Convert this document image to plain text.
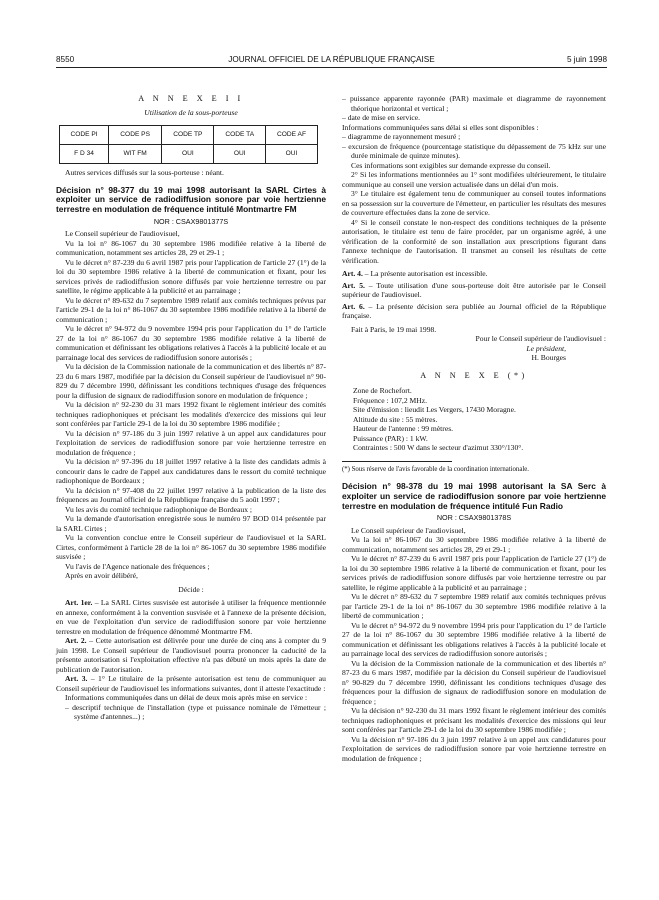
8550	JOURNAL OFFICIEL DE LA RÉPUBLIQUE FRANÇAISE	5 juin 1998
A N N E X E I I
Utilisation de la sous-porteuse
CODE PI	CODE PS	CODE TP	CODE TA	CODE AF
F D 34	WIT FM	OUI	OUI	OUI
Autres services diffusés sur la sous-porteuse : néant.
Décision n° 98-377 du 19 mai 1998 autorisant la SARL Cirtes à exploiter un service de radiodiffusion sonore par voie hertzienne terrestre en modulation de fréquence intitulé Montmartre FM
NOR : CSAX9801377S
Le Conseil supérieur de l'audiovisuel,
Vu la loi n° 86-1067 du 30 septembre 1986 modifiée relative à la liberté de communication, notamment ses articles 28, 29 et 29-1 ;
Vu le décret n° 87-239 du 6 avril 1987 pris pour l'application de l'article 27 (1°) de la loi du 30 septembre 1986 relative à la liberté de communication et fixant, pour les services privés de radiodiffusion sonore diffusés par voie hertzienne terrestre ou par satellite, le régime applicable à la publicité et au parrainage ;
Vu le décret n° 89-632 du 7 septembre 1989 relatif aux comités techniques prévus par l'article 29-1 de la loi n° 86-1067 du 30 septembre 1986 modifiée relative à la liberté de communication ;
Vu le décret n° 94-972 du 9 novembre 1994 pris pour l'application du 1° de l'article 27 de la loi n° 86-1067 du 30 septembre 1986 modifiée relative à la liberté de communication et définissant les obligations relatives à l'accès à la publicité locale et au parrainage local des services de radiodiffusion sonore autorisés ;
Vu la décision de la Commission nationale de la communication et des libertés n° 87-23 du 6 mars 1987, modifiée par la décision du Conseil supérieur de l'audiovisuel n° 90-829 du 7 décembre 1990, définissant les conditions techniques d'usage des fréquences pour la diffusion de signaux de radiodiffusion sonore en modulation de fréquence ;
Vu la décision n° 92-230 du 31 mars 1992 fixant le règlement intérieur des comités techniques radiophoniques et précisant les modalités d'exercice des missions qui leur sont conférées par l'article 29-1 de la loi du 30 septembre 1986 modifiée ;
Vu la décision n° 97-186 du 3 juin 1997 relative à un appel aux candidatures pour l'exploitation de services de radiodiffusion sonore par voie hertzienne terrestre en modulation de fréquence ;
Vu la décision n° 97-396 du 18 juillet 1997 relative à la liste des candidats admis à concourir dans le cadre de l'appel aux candidatures dans le ressort du comité technique radiophonique de Bordeaux ;
Vu la décision n° 97-408 du 22 juillet 1997 relative à la publication de la liste des fréquences au Journal officiel de la République française du 5 août 1997 ;
Vu les avis du comité technique radiophonique de Bordeaux ;
Vu la demande d'autorisation enregistrée sous le numéro 97 BOD 014 présentée par la SARL Cirtes ;
Vu la convention conclue entre le Conseil supérieur de l'audiovisuel et la SARL Cirtes, conformément à l'article 28 de la loi n° 86-1067 du 30 septembre 1986 modifiée susvisée ;
Vu l'avis de l'Agence nationale des fréquences ;
Après en avoir délibéré,
Décide :
Art. 1er. – La SARL Cirtes susvisée est autorisée à utiliser la fréquence mentionnée en annexe, conformément à la convention susvisée et à l'annexe de la présente décision, en vue de l'exploitation d'un service de radiodiffusion sonore par voie hertzienne terrestre en modulation de fréquence dénommé Montmartre FM.
Art. 2. – Cette autorisation est délivrée pour une durée de cinq ans à compter du 9 juin 1998. Le Conseil supérieur de l'audiovisuel pourra prononcer la caducité de la présente autorisation si l'exploitation effective n'a pas débuté un mois après la date de publication de l'autorisation.
Art. 3. – 1° Le titulaire de la présente autorisation est tenu de communiquer au Conseil supérieur de l'audiovisuel les informations suivantes, dont il atteste l'exactitude :
Informations communiquées dans un délai de deux mois après mise en service :
– descriptif technique de l'installation (type et puissance nominale de l'émetteur ; système d'antennes...) ;
– puissance apparente rayonnée (PAR) maximale et diagramme de rayonnement théorique horizontal et vertical ;
– date de mise en service.
Informations communiquées sans délai si elles sont disponibles :
– diagramme de rayonnement mesuré ;
– excursion de fréquence (pourcentage statistique du dépassement de 75 kHz sur une durée minimale de quinze minutes).
Ces informations sont exigibles sur demande expresse du conseil.
2° Si les informations mentionnées au 1° sont modifiées ultérieurement, le titulaire communique au conseil une version actualisée dans un délai d'un mois.
3° Le titulaire est également tenu de communiquer au conseil toutes informations en sa possession sur la couverture de l'émetteur, en particulier les résultats des mesures de couverture effectuées dans la zone de service.
4° Si le conseil constate le non-respect des conditions techniques de la présente autorisation, le titulaire est tenu de faire procéder, par un organisme agréé, à une vérification de la conformité de son installation aux prescriptions figurant dans l'annexe technique de l'autorisation. Il transmet au conseil les résultats de cette vérification.
Art. 4. – La présente autorisation est incessible.
Art. 5. – Toute utilisation d'une sous-porteuse doit être autorisée par le Conseil supérieur de l'audiovisuel.
Art. 6. – La présente décision sera publiée au Journal officiel de la République française.
Fait à Paris, le 19 mai 1998.
Pour le Conseil supérieur de l'audiovisuel :
Le président,
H. Bourges
A N N E X E (*)
Zone de Rochefort.
Fréquence : 107,2 MHz.
Site d'émission : lieudit Les Vergers, 17430 Moragne.
Altitude du site : 55 mètres.
Hauteur de l'antenne : 99 mètres.
Puissance (PAR) : 1 kW.
Contraintes : 500 W dans le secteur d'azimut 330°/130°.
(*) Sous réserve de l'avis favorable de la coordination internationale.
Décision n° 98-378 du 19 mai 1998 autorisant la SA Serc à exploiter un service de radiodiffusion sonore par voie hertzienne terrestre en modulation de fréquence intitulé Fun Radio
NOR : CSAX9801378S
Le Conseil supérieur de l'audiovisuel,
Vu la loi n° 86-1067 du 30 septembre 1986 modifiée relative à la liberté de communication, notamment ses articles 28, 29 et 29-1 ;
Vu le décret n° 87-239 du 6 avril 1987 pris pour l'application de l'article 27 (1°) de la loi du 30 septembre 1986 relative à la liberté de communication et fixant, pour les services privés de radiodiffusion sonore diffusés par voie hertzienne terrestre ou par satellite, le régime applicable à la publicité et au parrainage ;
Vu le décret n° 89-632 du 7 septembre 1989 relatif aux comités techniques prévus par l'article 29-1 de la loi n° 86-1067 du 30 septembre 1986 modifiée relative à la liberté de communication ;
Vu le décret n° 94-972 du 9 novembre 1994 pris pour l'application du 1° de l'article 27 de la loi n° 86-1067 du 30 septembre 1986 modifiée relative à la liberté de communication et définissant les obligations relatives à l'accès à la publicité locale et au parrainage local des services de radiodiffusion sonore autorisés ;
Vu la décision de la Commission nationale de la communication et des libertés n° 87-23 du 6 mars 1987, modifiée par la décision du Conseil supérieur de l'audiovisuel n° 90-829 du 7 décembre 1990, définissant les conditions techniques d'usage des fréquences pour la diffusion de signaux de radiodiffusion sonore en modulation de fréquence ;
Vu la décision n° 92-230 du 31 mars 1992 fixant le règlement intérieur des comités techniques radiophoniques et précisant les modalités d'exercice des missions qui leur sont conférées par l'article 29-1 de la loi du 30 septembre 1986 modifiée ;
Vu la décision n° 97-186 du 3 juin 1997 relative à un appel aux candidatures pour l'exploitation de services de radiodiffusion sonore par voie hertzienne terrestre en modulation de fréquence ;
